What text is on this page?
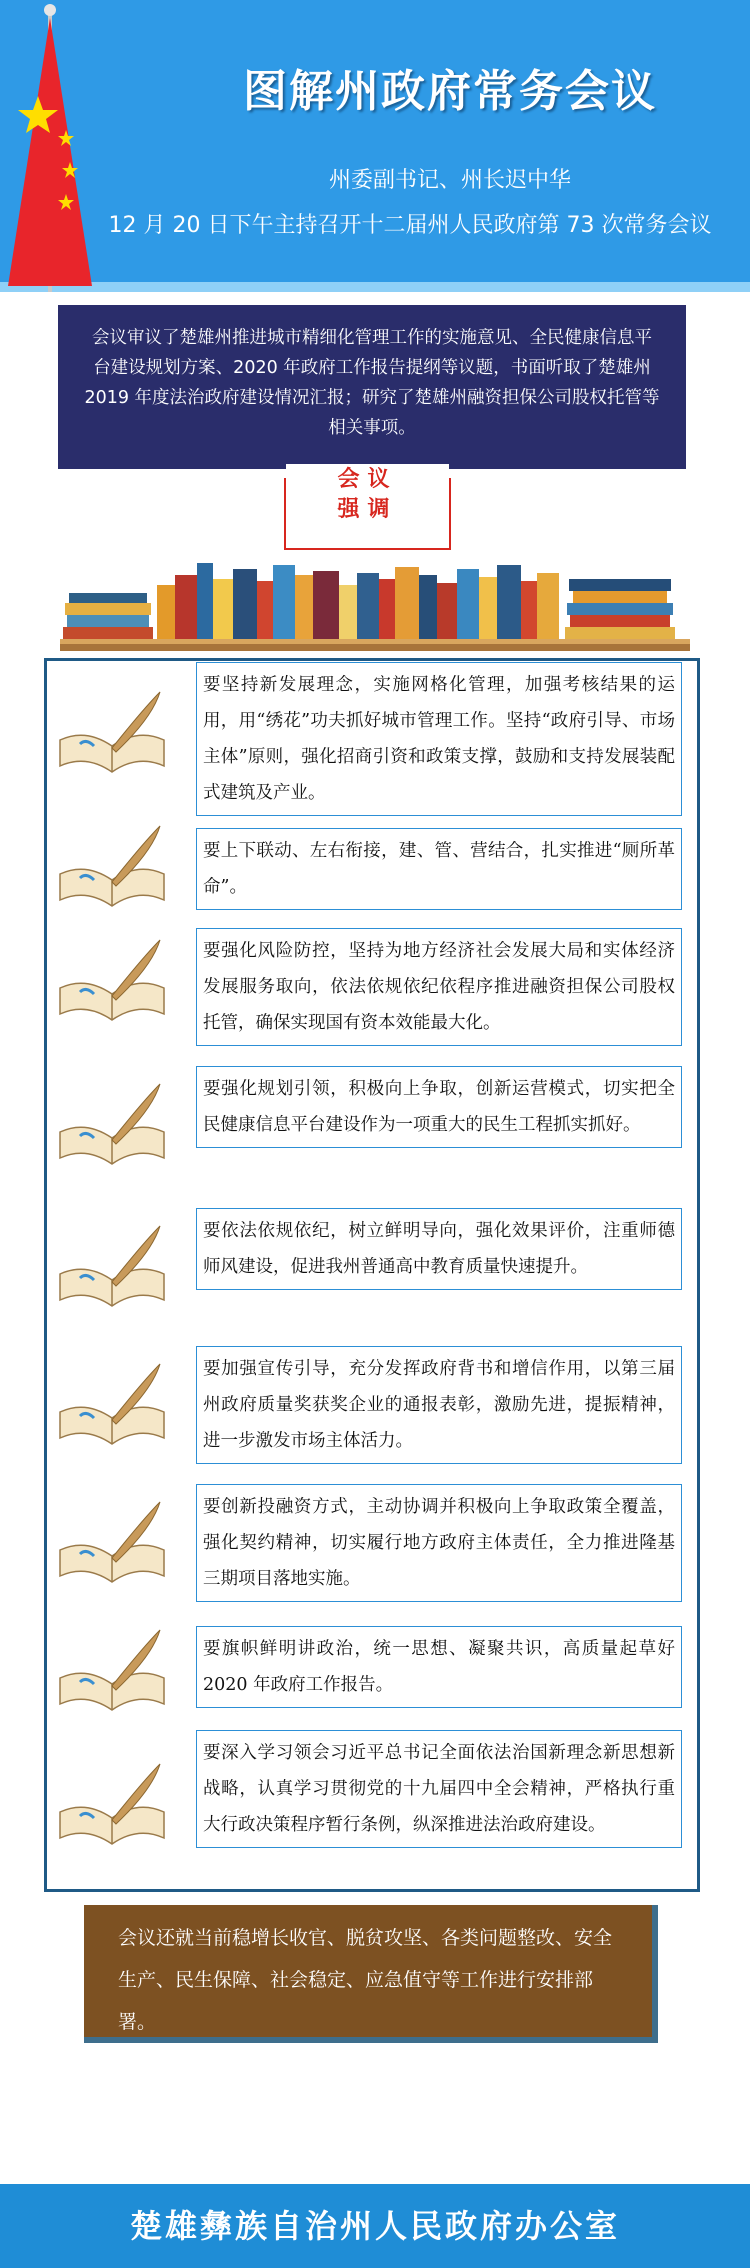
图解州政府常务会议
州委副书记、州长迟中华
12 月 20 日下午主持召开十二届州人民政府第 73 次常务会议
会议审议了楚雄州推进城市精细化管理工作的实施意见、全民健康信息平台建设规划方案、2020 年政府工作报告提纲等议题，书面听取了楚雄州 2019 年度法治政府建设情况汇报；研究了楚雄州融资担保公司股权托管等相关事项。
会议
强调
要坚持新发展理念，实施网格化管理，加强考核结果的运用，用“绣花”功夫抓好城市管理工作。坚持“政府引导、市场主体”原则，强化招商引资和政策支撑，鼓励和支持发展装配式建筑及产业。
要上下联动、左右衔接，建、管、营结合，扎实推进“厕所革命”。
要强化风险防控，坚持为地方经济社会发展大局和实体经济发展服务取向，依法依规依纪依程序推进融资担保公司股权托管，确保实现国有资本效能最大化。
要强化规划引领，积极向上争取，创新运营模式，切实把全民健康信息平台建设作为一项重大的民生工程抓实抓好。
要依法依规依纪，树立鲜明导向，强化效果评价，注重师德师风建设，促进我州普通高中教育质量快速提升。
要加强宣传引导，充分发挥政府背书和增信作用，以第三届州政府质量奖获奖企业的通报表彰，激励先进，提振精神，进一步激发市场主体活力。
要创新投融资方式，主动协调并积极向上争取政策全覆盖，强化契约精神，切实履行地方政府主体责任，全力推进隆基三期项目落地实施。
要旗帜鲜明讲政治，统一思想、凝聚共识，高质量起草好 2020 年政府工作报告。
要深入学习领会习近平总书记全面依法治国新理念新思想新战略，认真学习贯彻党的十九届四中全会精神，严格执行重大行政决策程序暂行条例，纵深推进法治政府建设。
会议还就当前稳增长收官、脱贫攻坚、各类问题整改、安全生产、民生保障、社会稳定、应急值守等工作进行安排部署。
楚雄彝族自治州人民政府办公室
